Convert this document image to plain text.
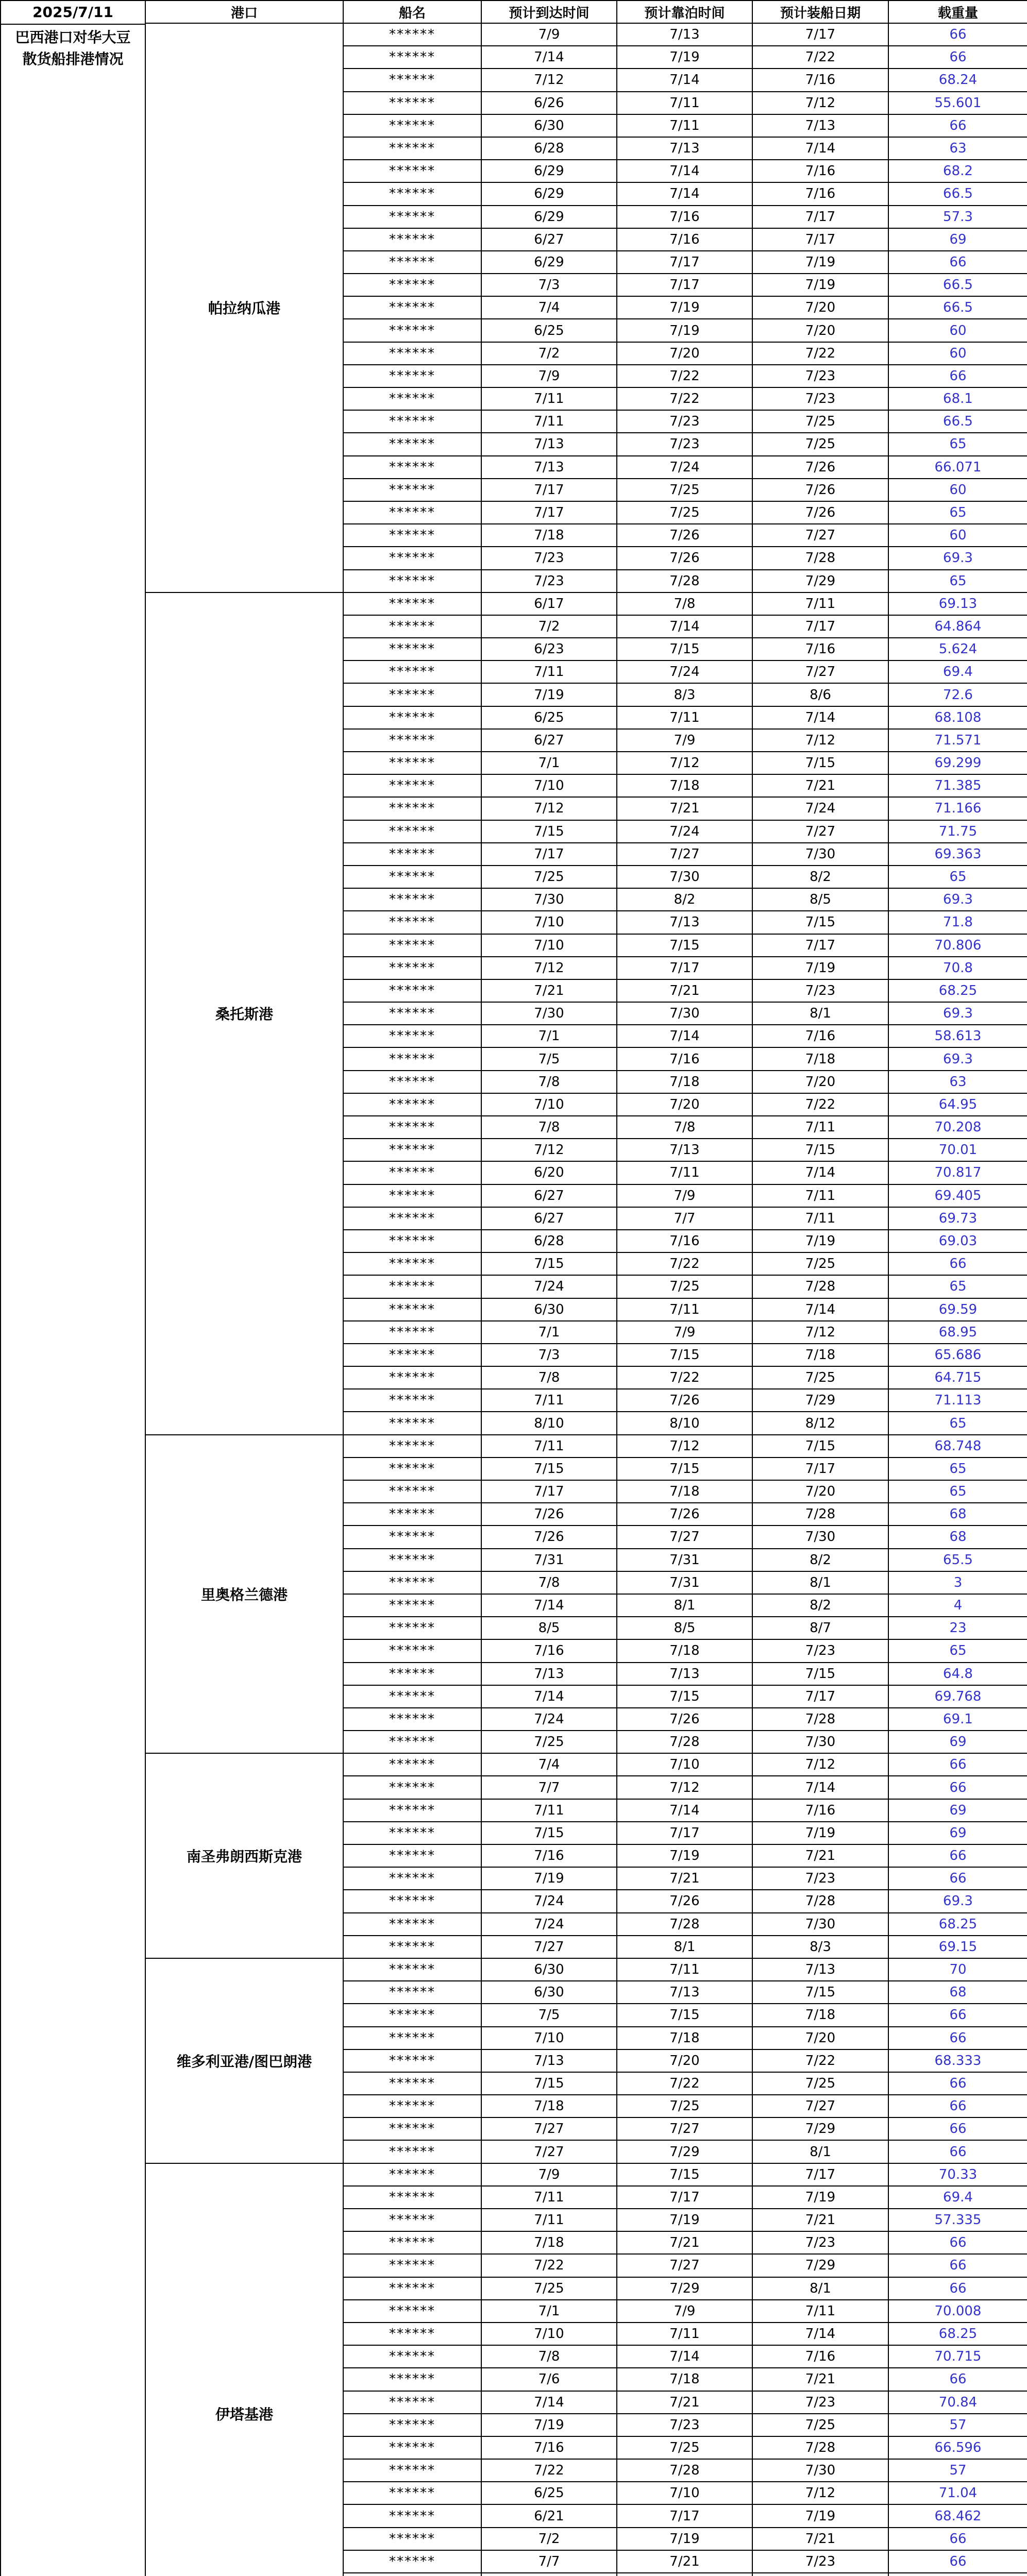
2025/7/11
巴西港口对华大豆
散货船排港情况
港口	船名	预计到达时间	预计靠泊时间	预计装船日期	载重量
帕拉纳瓜港	******	7/9	7/13	7/17	66
	******	7/14	7/19	7/22	66
	******	7/12	7/14	7/16	68.24
	******	6/26	7/11	7/12	55.601
	******	6/30	7/11	7/13	66
	******	6/28	7/13	7/14	63
	******	6/29	7/14	7/16	68.2
	******	6/29	7/14	7/16	66.5
	******	6/29	7/16	7/17	57.3
	******	6/27	7/16	7/17	69
	******	6/29	7/17	7/19	66
	******	7/3	7/17	7/19	66.5
	******	7/4	7/19	7/20	66.5
	******	6/25	7/19	7/20	60
	******	7/2	7/20	7/22	60
	******	7/9	7/22	7/23	66
	******	7/11	7/22	7/23	68.1
	******	7/11	7/23	7/25	66.5
	******	7/13	7/23	7/25	65
	******	7/13	7/24	7/26	66.071
	******	7/17	7/25	7/26	60
	******	7/17	7/25	7/26	65
	******	7/18	7/26	7/27	60
	******	7/23	7/26	7/28	69.3
	******	7/23	7/28	7/29	65
桑托斯港	******	6/17	7/8	7/11	69.13
	******	7/2	7/14	7/17	64.864
	******	6/23	7/15	7/16	5.624
	******	7/11	7/24	7/27	69.4
	******	7/19	8/3	8/6	72.6
	******	6/25	7/11	7/14	68.108
	******	6/27	7/9	7/12	71.571
	******	7/1	7/12	7/15	69.299
	******	7/10	7/18	7/21	71.385
	******	7/12	7/21	7/24	71.166
	******	7/15	7/24	7/27	71.75
	******	7/17	7/27	7/30	69.363
	******	7/25	7/30	8/2	65
	******	7/30	8/2	8/5	69.3
	******	7/10	7/13	7/15	71.8
	******	7/10	7/15	7/17	70.806
	******	7/12	7/17	7/19	70.8
	******	7/21	7/21	7/23	68.25
	******	7/30	7/30	8/1	69.3
	******	7/1	7/14	7/16	58.613
	******	7/5	7/16	7/18	69.3
	******	7/8	7/18	7/20	63
	******	7/10	7/20	7/22	64.95
	******	7/8	7/8	7/11	70.208
	******	7/12	7/13	7/15	70.01
	******	6/20	7/11	7/14	70.817
	******	6/27	7/9	7/11	69.405
	******	6/27	7/7	7/11	69.73
	******	6/28	7/16	7/19	69.03
	******	7/15	7/22	7/25	66
	******	7/24	7/25	7/28	65
	******	6/30	7/11	7/14	69.59
	******	7/1	7/9	7/12	68.95
	******	7/3	7/15	7/18	65.686
	******	7/8	7/22	7/25	64.715
	******	7/11	7/26	7/29	71.113
	******	8/10	8/10	8/12	65
里奥格兰德港	******	7/11	7/12	7/15	68.748
	******	7/15	7/15	7/17	65
	******	7/17	7/18	7/20	65
	******	7/26	7/26	7/28	68
	******	7/26	7/27	7/30	68
	******	7/31	7/31	8/2	65.5
	******	7/8	7/31	8/1	3
	******	7/14	8/1	8/2	4
	******	8/5	8/5	8/7	23
	******	7/16	7/18	7/23	65
	******	7/13	7/13	7/15	64.8
	******	7/14	7/15	7/17	69.768
	******	7/24	7/26	7/28	69.1
	******	7/25	7/28	7/30	69
南圣弗朗西斯克港	******	7/4	7/10	7/12	66
	******	7/7	7/12	7/14	66
	******	7/11	7/14	7/16	69
	******	7/15	7/17	7/19	69
	******	7/16	7/19	7/21	66
	******	7/19	7/21	7/23	66
	******	7/24	7/26	7/28	69.3
	******	7/24	7/28	7/30	68.25
	******	7/27	8/1	8/3	69.15
维多利亚港/图巴朗港	******	6/30	7/11	7/13	70
	******	6/30	7/13	7/15	68
	******	7/5	7/15	7/18	66
	******	7/10	7/18	7/20	66
	******	7/13	7/20	7/22	68.333
	******	7/15	7/22	7/25	66
	******	7/18	7/25	7/27	66
	******	7/27	7/27	7/29	66
	******	7/27	7/29	8/1	66
伊塔基港	******	7/9	7/15	7/17	70.33
	******	7/11	7/17	7/19	69.4
	******	7/11	7/19	7/21	57.335
	******	7/18	7/21	7/23	66
	******	7/22	7/27	7/29	66
	******	7/25	7/29	8/1	66
	******	7/1	7/9	7/11	70.008
	******	7/10	7/11	7/14	68.25
	******	7/8	7/14	7/16	70.715
	******	7/6	7/18	7/21	66
	******	7/14	7/21	7/23	70.84
	******	7/19	7/23	7/25	57
	******	7/16	7/25	7/28	66.596
	******	7/22	7/28	7/30	57
	******	6/25	7/10	7/12	71.04
	******	6/21	7/17	7/19	68.462
	******	7/2	7/19	7/21	66
	******	7/7	7/21	7/23	66
